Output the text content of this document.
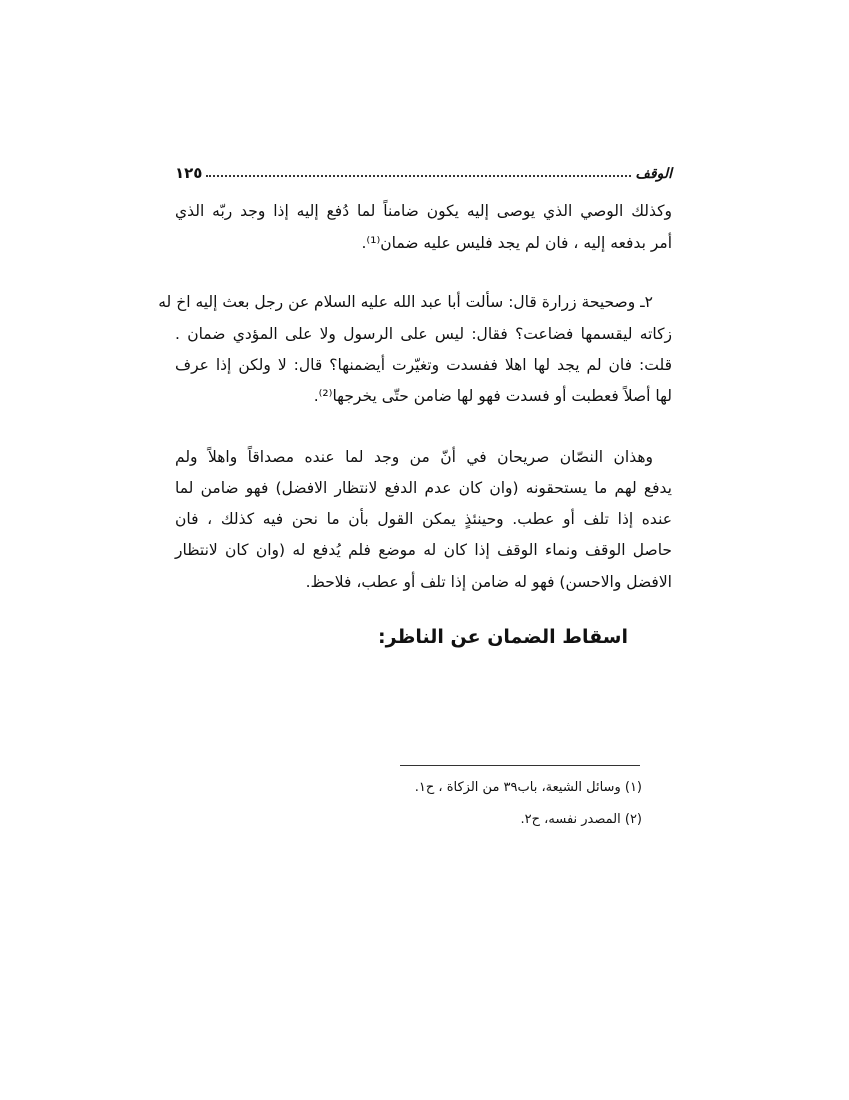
الوقف
١٢٥
وكذلك الوصي الذي يوصى إليه يكون ضامناً لما دُفع إليه إذا وجد ربّه الذي
أمر بدفعه إليه ، فان لم يجد فليس عليه ضمان⁽¹⁾.
٢ـ وصحيحة زرارة قال: سألت أبا عبد الله عليه السلام عن رجل بعث إليه اخ له
زكاته ليقسمها فضاعت؟ فقال: ليس على الرسول ولا على المؤدي ضمان .
قلت: فان لم يجد لها اهلا ففسدت وتغيّرت أيضمنها؟ قال: لا ولكن إذا عرف
لها أصلاً فعطبت أو فسدت فهو لها ضامن حتّى يخرجها⁽²⁾.
وهذان النصّان صريحان في أنّ من وجد لما عنده مصداقاً واهلاً ولم
يدفع لهم ما يستحقونه (وان كان عدم الدفع لانتظار الافضل) فهو ضامن لما
عنده إذا تلف أو عطب. وحينئذٍ يمكن القول بأن ما نحن فيه كذلك ، فان
حاصل الوقف ونماء الوقف إذا كان له موضع فلم يُدفع له (وان كان لانتظار
الافضل والاحسن) فهو له ضامن إذا تلف أو عطب، فلاحظ.
اسقاط الضمان عن الناظر:
(١) وسائل الشيعة، باب٣٩ من الزكاة ، ح١.
(٢) المصدر نفسه، ح٢.
